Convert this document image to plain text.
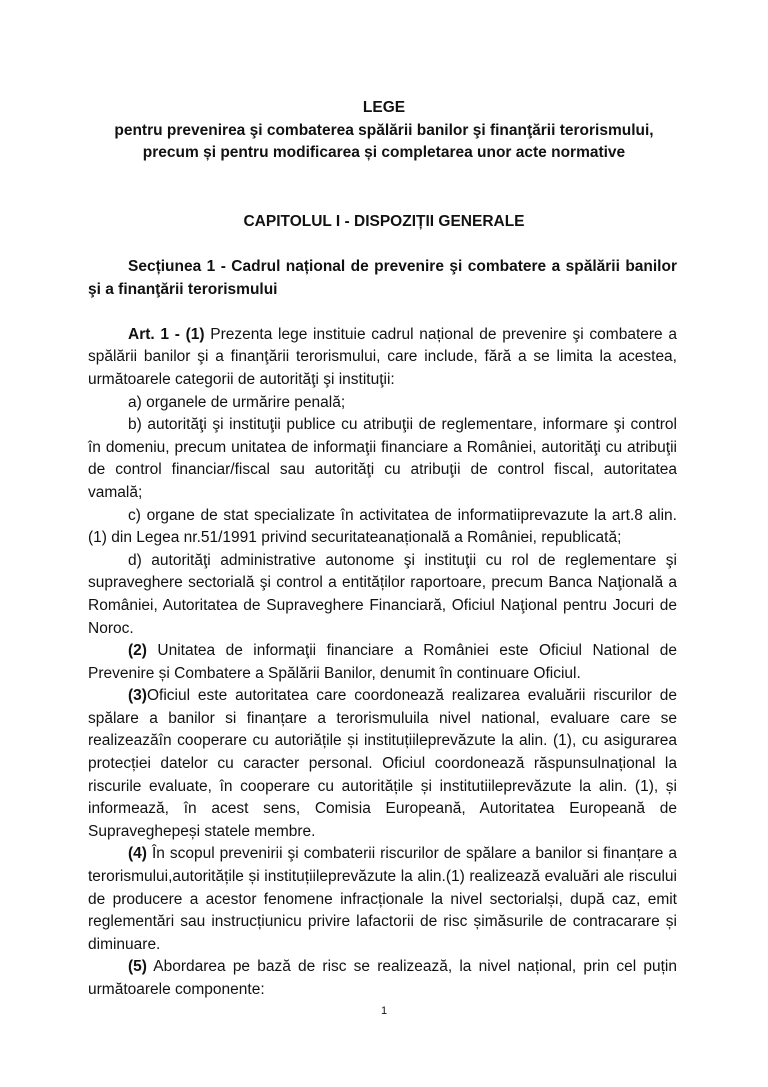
LEGE
pentru prevenirea şi combaterea spălării banilor şi finanţării terorismului,
precum și pentru modificarea și completarea unor acte normative
CAPITOLUL I - DISPOZIȚII GENERALE

Secțiunea 1 - Cadrul național de prevenire şi combatere a spălării banilor şi a finanţării terorismului

Art. 1 - (1) Prezenta lege instituie cadrul național de prevenire şi combatere a spălării banilor şi a finanţării terorismului, care include, fără a se limita la acestea, următoarele categorii de autorităţi şi instituţii:

a) organele de urmărire penală;

b) autorităţi şi instituţii publice cu atribuţii de reglementare, informare şi control în domeniu, precum unitatea de informaţii financiare a României, autorităţi cu atribuţii de control financiar/fiscal sau autorităţi cu atribuţii de control fiscal, autoritatea vamală;

c) organe de stat specializate în activitatea de informatiiprevazute la art.8 alin.(1) din Legea nr.51/1991 privind securitateanațională a României, republicată;

d) autorităţi administrative autonome şi instituţii cu rol de reglementare şi supraveghere sectorială şi control a entităților raportoare, precum Banca Naţională a României, Autoritatea de Supraveghere Financiară, Oficiul Naţional pentru Jocuri de Noroc.

(2) Unitatea de informaţii financiare a României este Oficiul National de Prevenire și Combatere a Spălării Banilor, denumit în continuare Oficiul.

(3)Oficiul este autoritatea care coordonează realizarea evaluării riscurilor de spălare a banilor si finanțare a terorismuluila nivel national, evaluare care se realizeazăîn cooperare cu autoriățile și instituțiileprevăzute la alin. (1), cu asigurarea protecției datelor cu caracter personal. Oficiul coordonează răspunsulnațional la riscurile evaluate, în cooperare cu autoritățile și institutiileprevăzute la alin. (1), și informează, în acest sens, Comisia Europeană, Autoritatea Europeană de Supravegheреși statele membre.

(4) În scopul prevenirii şi combaterii riscurilor de spălare a banilor si finanțare a terorismului,autoritățile și instituțiileprevăzute la alin.(1) realizează evaluări ale riscului de producere a acestor fenomene infracționale la nivel sectorialși, după caz, emit reglementări sau instrucțiunicu privire lafactorii de risc șimăsurile de contracarare și diminuare.

(5) Abordarea pe bază de risc se realizează, la nivel național, prin cel puțin următoarele componente:

1
